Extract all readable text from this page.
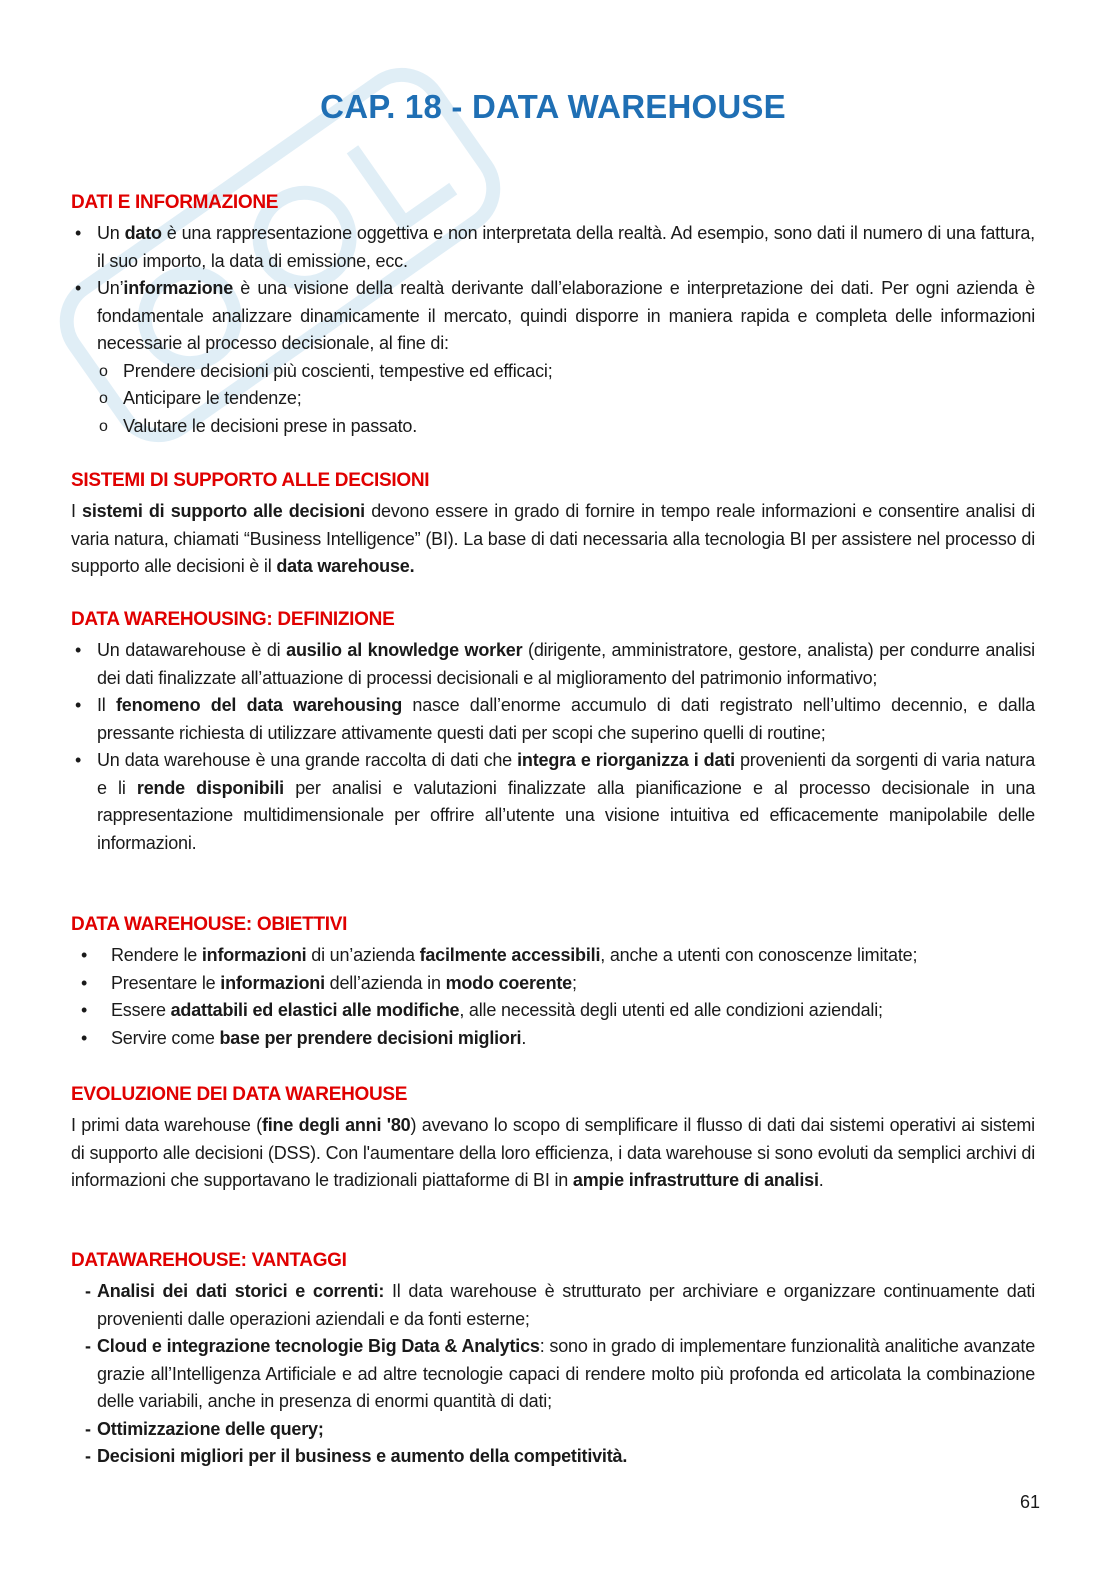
CAP. 18 - DATA WAREHOUSE
DATI E INFORMAZIONE
• Un dato è una rappresentazione oggettiva e non interpretata della realtà. Ad esempio, sono dati il numero di una fattura, il suo importo, la data di emissione, ecc.
• Un’informazione è una visione della realtà derivante dall’elaborazione e interpretazione dei dati. Per ogni azienda è fondamentale analizzare dinamicamente il mercato, quindi disporre in maniera rapida e completa delle informazioni necessarie al processo decisionale, al fine di:
o Prendere decisioni più coscienti, tempestive ed efficaci;
o Anticipare le tendenze;
o Valutare le decisioni prese in passato.
SISTEMI DI SUPPORTO ALLE DECISIONI

I sistemi di supporto alle decisioni devono essere in grado di fornire in tempo reale informazioni e consentire analisi di varia natura, chiamati “Business Intelligence” (BI). La base di dati necessaria alla tecnologia BI per assistere nel processo di supporto alle decisioni è il data warehouse.

DATA WAREHOUSING: DEFINIZIONE
• Un datawarehouse è di ausilio al knowledge worker (dirigente, amministratore, gestore, analista) per condurre analisi dei dati finalizzate all’attuazione di processi decisionali e al miglioramento del patrimonio informativo;
• Il fenomeno del data warehousing nasce dall’enorme accumulo di dati registrato nell’ultimo decennio, e dalla pressante richiesta di utilizzare attivamente questi dati per scopi che superino quelli di routine;
• Un data warehouse è una grande raccolta di dati che integra e riorganizza i dati provenienti da sorgenti di varia natura e li rende disponibili per analisi e valutazioni finalizzate alla pianificazione e al processo decisionale in una rappresentazione multidimensionale per offrire all’utente una visione intuitiva ed efficacemente manipolabile delle informazioni.
DATA WAREHOUSE: OBIETTIVI
• Rendere le informazioni di un’azienda facilmente accessibili, anche a utenti con conoscenze limitate;
• Presentare le informazioni dell’azienda in modo coerente;
• Essere adattabili ed elastici alle modifiche, alle necessità degli utenti ed alle condizioni aziendali;
• Servire come base per prendere decisioni migliori.
EVOLUZIONE DEI DATA WAREHOUSE

I primi data warehouse (fine degli anni '80) avevano lo scopo di semplificare il flusso di dati dai sistemi operativi ai sistemi di supporto alle decisioni (DSS). Con l'aumentare della loro efficienza, i data warehouse si sono evoluti da semplici archivi di informazioni che supportavano le tradizionali piattaforme di BI in ampie infrastrutture di analisi.

DATAWAREHOUSE: VANTAGGI
- Analisi dei dati storici e correnti: Il data warehouse è strutturato per archiviare e organizzare continuamente dati provenienti dalle operazioni aziendali e da fonti esterne;
- Cloud e integrazione tecnologie Big Data & Analytics: sono in grado di implementare funzionalità analitiche avanzate grazie all’Intelligenza Artificiale e ad altre tecnologie capaci di rendere molto più profonda ed articolata la combinazione delle variabili, anche in presenza di enormi quantità di dati;
- Ottimizzazione delle query;
- Decisioni migliori per il business e aumento della competitività.
61
